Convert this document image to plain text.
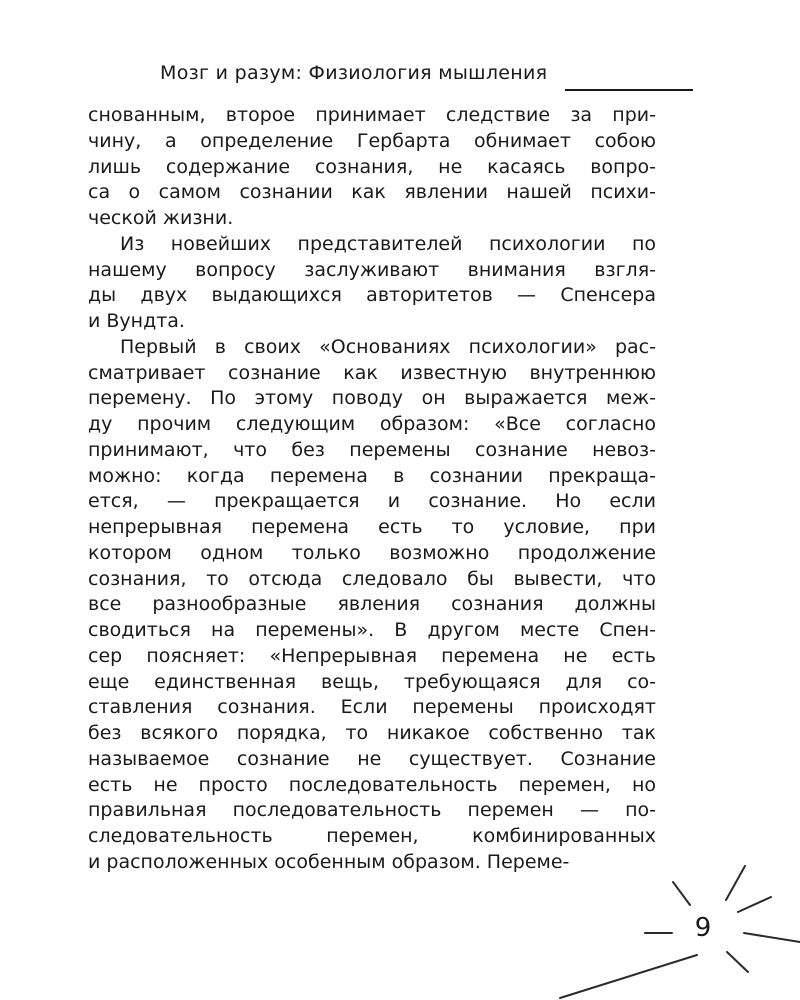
Мозг и разум: Физиология мышления
снованным, второе принимает следствие за при-
чину, а определение Гербарта обнимает собою
лишь содержание сознания, не касаясь вопро-
са о самом сознании как явлении нашей психи-
ческой жизни.
Из новейших представителей психологии по
нашему вопросу заслуживают внимания взгля-
ды двух выдающихся авторитетов — Спенсера
и Вундта.
Первый в своих «Основаниях психологии» рас-
сматривает сознание как известную внутреннюю
перемену. По этому поводу он выражается меж-
ду прочим следующим образом: «Все согласно
принимают, что без перемены сознание невоз-
можно: когда перемена в сознании прекраща-
ется, — прекращается и сознание. Но если
непрерывная перемена есть то условие, при
котором одном только возможно продолжение
сознания, то отсюда следовало бы вывести, что
все разнообразные явления сознания должны
сводиться на перемены». В другом месте Спен-
сер поясняет: «Непрерывная перемена не есть
еще единственная вещь, требующаяся для со-
ставления сознания. Если перемены происходят
без всякого порядка, то никакое собственно так
называемое сознание не существует. Сознание
есть не просто последовательность перемен, но
правильная последовательность перемен — по-
следовательность перемен, комбинированных
и расположенных особенным образом. Переме-
9
